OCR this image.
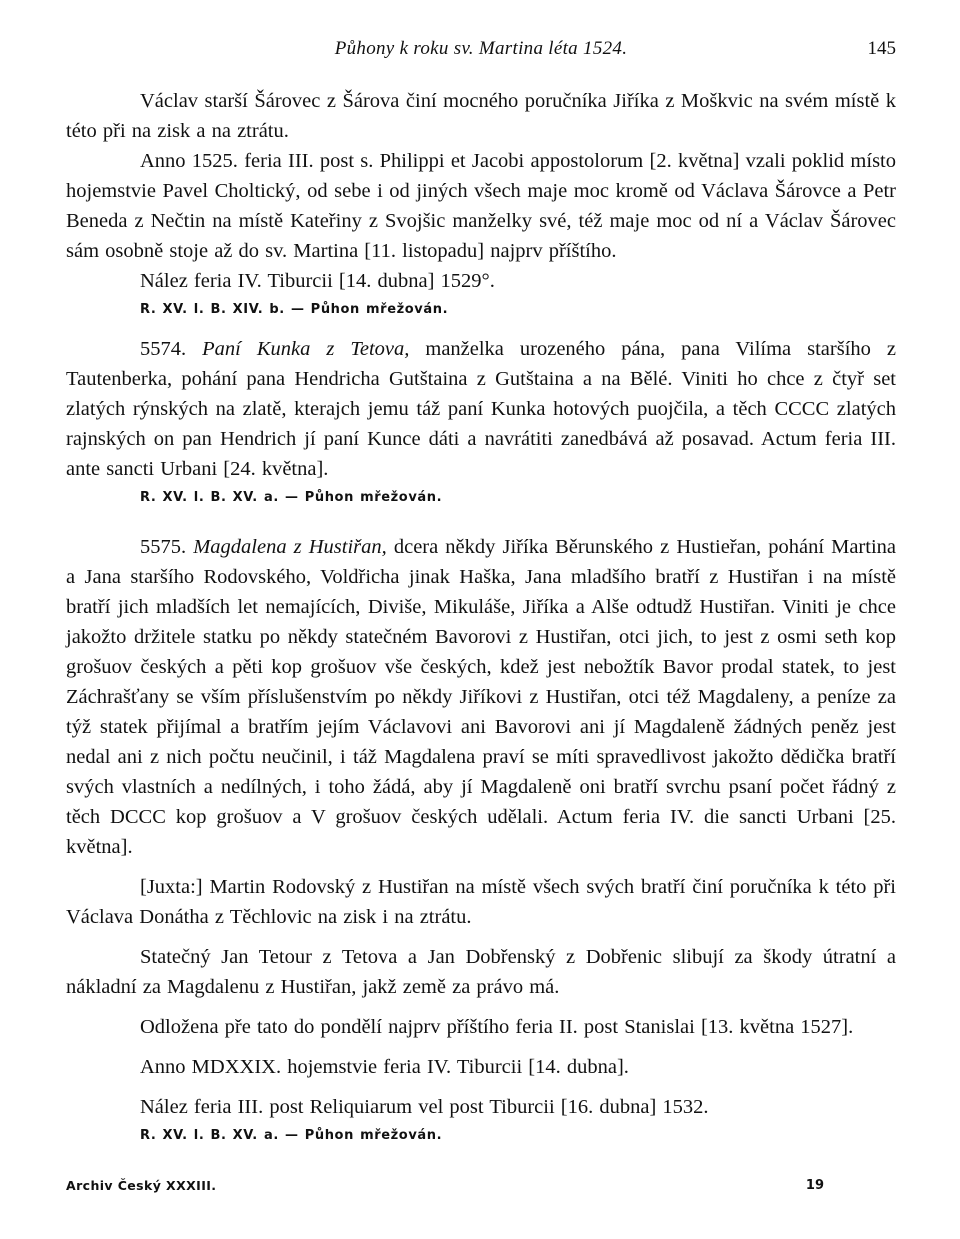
Půhony k roku sv. Martina léta 1524.	145

Václav starší Šárovec z Šárova činí mocného poručníka Jiříka z Moškvic na svém místě k této při na zisk a na ztrátu.

Anno 1525. feria III. post s. Philippi et Jacobi appostolorum [2. května] vzali poklid místo hojemstvie Pavel Choltický, od sebe i od jiných všech maje moc kromě od Václava Šárovce a Petr Beneda z Nečtin na místě Kateřiny z Svojšic manželky své, též maje moc od ní a Václav Šárovec sám osobně stoje až do sv. Martina [11. listopadu] najprv příštího.

Nález feria IV. Tiburcii [14. dubna] 1529°.

R. XV. l. B. XIV. b. — Půhon mřežován.

5574. Paní Kunka z Tetova, manželka urozeného pána, pana Vilíma staršího z Tautenberka, pohání pana Hendricha Gutštaina z Gutštaina a na Bělé. Viniti ho chce z čtyř set zlatých rýnských na zlatě, kterajch jemu táž paní Kunka hotových puojčila, a těch CCCC zlatých rajnských on pan Hendrich jí paní Kunce dáti a navrátiti zanedbává až posavad. Actum feria III. ante sancti Urbani [24. května].

R. XV. l. B. XV. a. — Půhon mřežován.

5575. Magdalena z Hustiřan, dcera někdy Jiříka Běrunského z Hustieřan, pohání Martina a Jana staršího Rodovského, Voldřicha jinak Haška, Jana mladšího bratří z Hustiřan i na místě bratří jich mladších let nemajících, Diviše, Mikuláše, Jiříka a Alše odtudž Hustiřan. Viniti je chce jakožto držitele statku po někdy statečném Bavorovi z Hustiřan, otci jich, to jest z osmi seth kop grošuov českých a pěti kop grošuov vše českých, kdež jest nebožtík Bavor prodal statek, to jest Záchrašťany se vším příslušenstvím po někdy Jiříkovi z Hustiřan, otci též Magdaleny, a peníze za týž statek přijímal a bratřím jejím Václavovi ani Bavorovi ani jí Magdaleně žádných peněz jest nedal ani z nich počtu neučinil, i táž Magdalena praví se míti spravedlivost jakožto dědička bratří svých vlastních a nedílných, i toho žádá, aby jí Magdaleně oni bratří svrchu psaní počet řádný z těch DCCC kop grošuov a V grošuov českých udělali. Actum feria IV. die sancti Urbani [25. května].

[Juxta:] Martin Rodovský z Hustiřan na místě všech svých bratří činí poručníka k této při Václava Donátha z Těchlovic na zisk i na ztrátu.

Statečný Jan Tetour z Tetova a Jan Dobřenský z Dobřenic slibují za škody útratní a nákladní za Magdalenu z Hustiřan, jakž země za právo má.

Odložena pře tato do pondělí najprv příštího feria II. post Stanislai [13. května 1527].

Anno MDXXIX. hojemstvie feria IV. Tiburcii [14. dubna].

Nález feria III. post Reliquiarum vel post Tiburcii [16. dubna] 1532.

R. XV. l. B. XV. a. — Půhon mřežován.

Archiv Český XXXIII.	19
